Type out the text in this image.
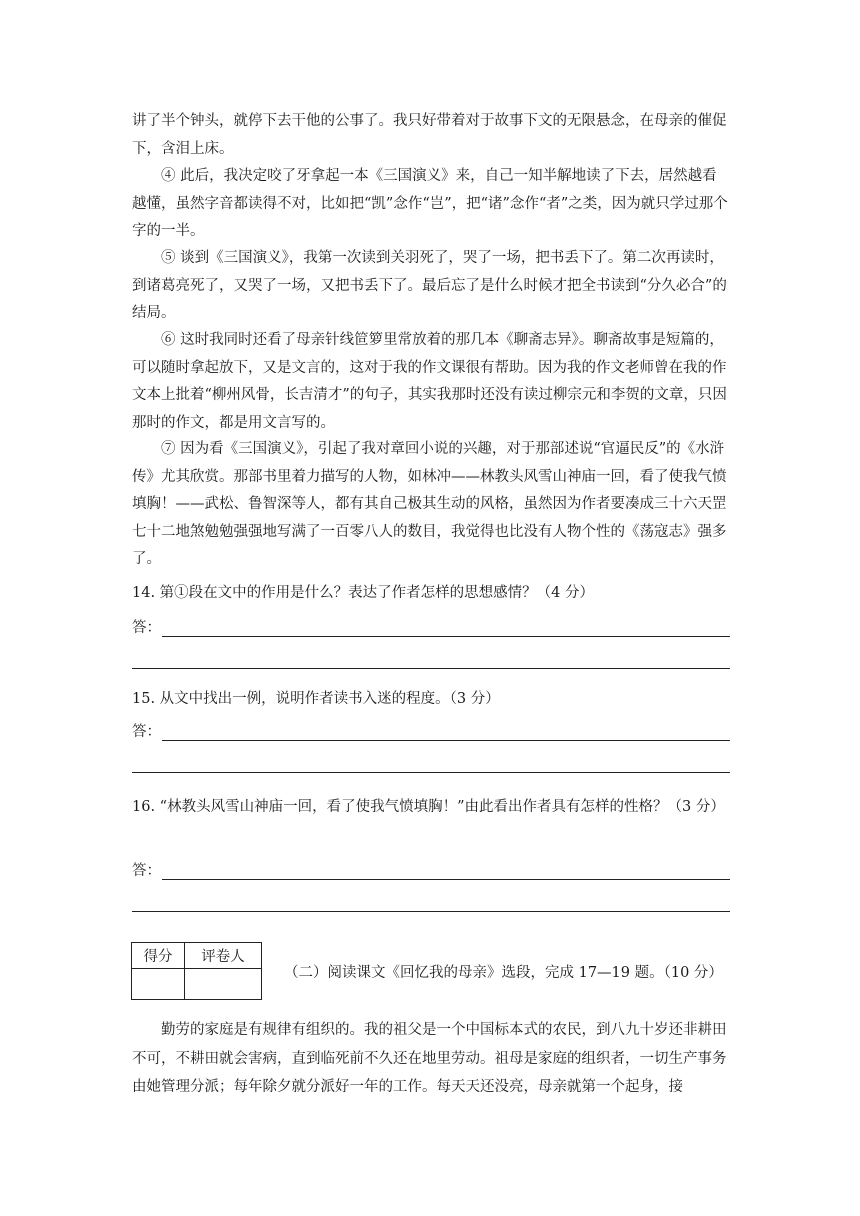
讲了半个钟头，就停下去干他的公事了。我只好带着对于故事下文的无限悬念，在母亲的催促下，含泪上床。

④ 此后，我决定咬了牙拿起一本《三国演义》来，自己一知半解地读了下去，居然越看越懂，虽然字音都读得不对，比如把“凯”念作“岂”，把“诸”念作“者”之类，因为就只学过那个字的一半。

⑤ 谈到《三国演义》，我第一次读到关羽死了，哭了一场，把书丢下了。第二次再读时，到诸葛亮死了，又哭了一场，又把书丢下了。最后忘了是什么时候才把全书读到“分久必合”的结局。

⑥ 这时我同时还看了母亲针线笸箩里常放着的那几本《聊斋志异》。聊斋故事是短篇的，可以随时拿起放下，又是文言的，这对于我的作文课很有帮助。因为我的作文老师曾在我的作文本上批着“柳州风骨，长吉清才”的句子，其实我那时还没有读过柳宗元和李贺的文章，只因那时的作文，都是用文言写的。

⑦ 因为看《三国演义》，引起了我对章回小说的兴趣，对于那部述说“官逼民反”的《水浒传》尤其欣赏。那部书里着力描写的人物，如林冲——林教头风雪山神庙一回，看了使我气愤填胸！——武松、鲁智深等人，都有其自己极其生动的风格，虽然因为作者要凑成三十六天罡七十二地煞勉勉强强地写满了一百零八人的数目，我觉得也比没有人物个性的《荡寇志》强多了。

14. 第①段在文中的作用是什么？表达了作者怎样的思想感情？（4 分）

答：

15. 从文中找出一例，说明作者读书入迷的程度。（3 分）

答：

16. “林教头风雪山神庙一回，看了使我气愤填胸！”由此看出作者具有怎样的性格？（3 分）

答：
得分	评卷人

（二）阅读课文《回忆我的母亲》选段，完成 17—19 题。（10 分）

勤劳的家庭是有规律有组织的。我的祖父是一个中国标本式的农民，到八九十岁还非耕田不可，不耕田就会害病，直到临死前不久还在地里劳动。祖母是家庭的组织者，一切生产事务由她管理分派；每年除夕就分派好一年的工作。每天天还没亮，母亲就第一个起身，接
